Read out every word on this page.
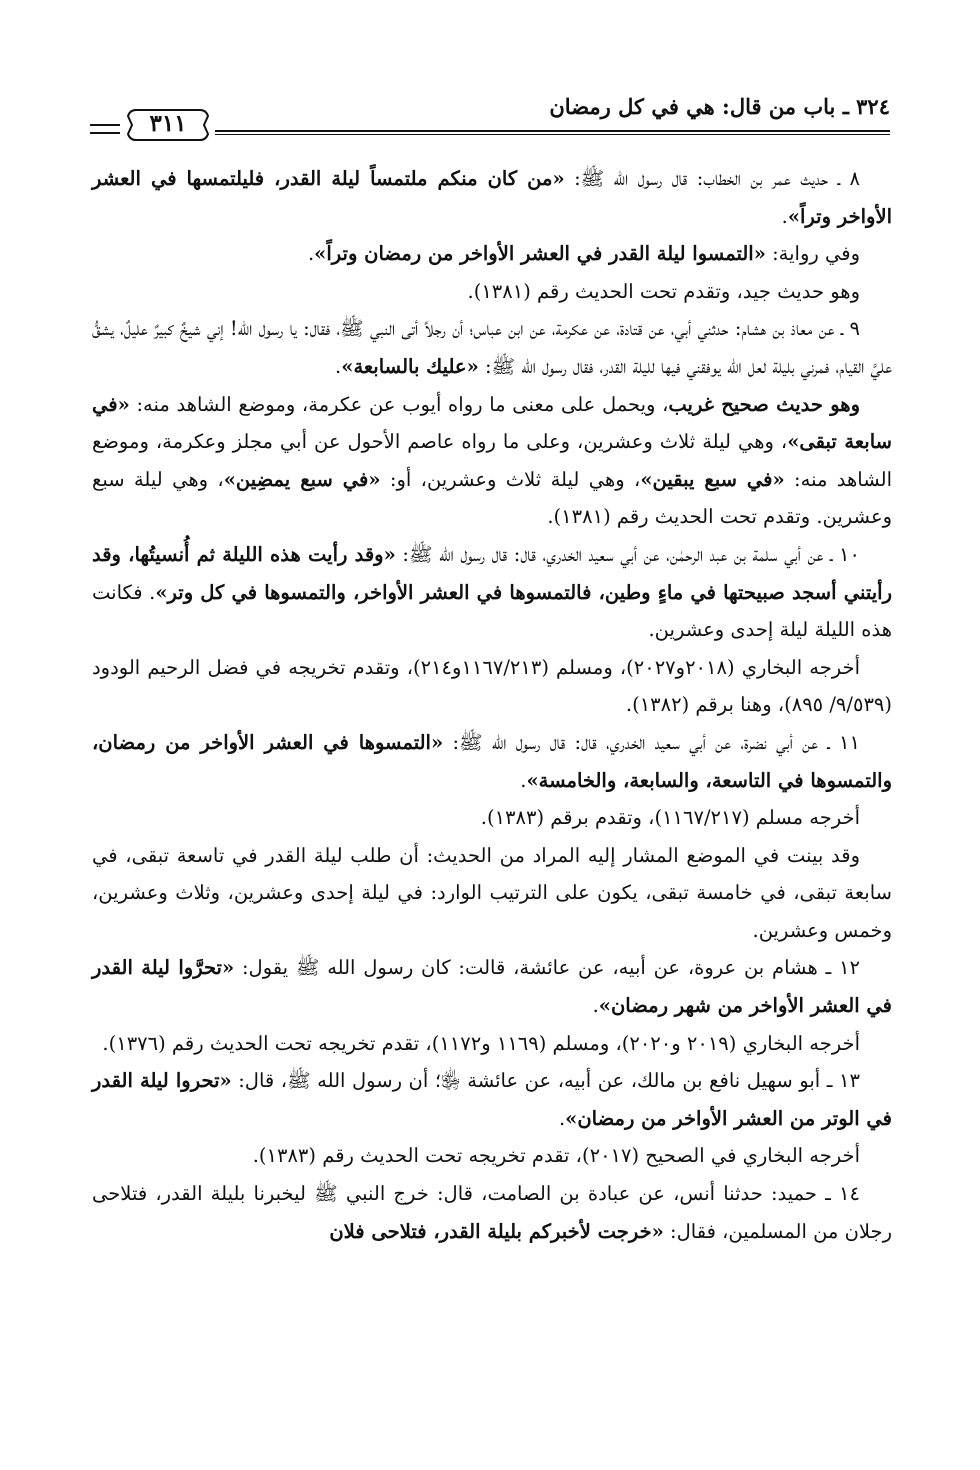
٣٢٤ ـ باب من قال: هي في كل رمضان
٣١١

٨ ـ حديث عمر بن الخطاب: قال رسول الله ﷺ: «من كان منكم ملتمساً ليلة القدر، فليلتمسها في العشر الأواخر وتراً».

وفي رواية: «التمسوا ليلة القدر في العشر الأواخر من رمضان وتراً».

وهو حديث جيد، وتقدم تحت الحديث رقم (١٣٨١).

٩ ـ عن معاذ بن هشام: حدثني أبي، عن قتادة، عن عكرمة، عن ابن عباس؛ أن رجلاً أتى النبي ﷺ، فقال: يا رسول الله! إني شيخٌ كبيرٌ عليلٌ، يشقُّ عليَّ القيام، فمرني بليلة لعل الله يوفقني فيها لليلة القدر، فقال رسول الله ﷺ: «عليك بالسابعة».

وهو حديث صحيح غريب، ويحمل على معنى ما رواه أيوب عن عكرمة، وموضع الشاهد منه: «في سابعة تبقى»، وهي ليلة ثلاث وعشرين، وعلى ما رواه عاصم الأحول عن أبي مجلز وعكرمة، وموضع الشاهد منه: «في سبع يبقين»، وهي ليلة ثلاث وعشرين، أو: «في سبع يمضِين»، وهي ليلة سبع وعشرين. وتقدم تحت الحديث رقم (١٣٨١).

١٠ ـ عن أبي سلمة بن عبد الرحمٰن، عن أبي سعيد الخدري، قال: قال رسول الله ﷺ: «وقد رأيت هذه الليلة ثم أُنسيتُها، وقد رأيتني أسجد صبيحتها في ماءٍ وطين، فالتمسوها في العشر الأواخر، والتمسوها في كل وتر». فكانت هذه الليلة ليلة إحدى وعشرين.

أخرجه البخاري (٢٠١٨و٢٠٢٧)، ومسلم (١١٦٧/٢١٣و٢١٤)، وتقدم تخريجه في فضل الرحيم الودود (٩/٥٣٩/ ٨٩٥)، وهنا برقم (١٣٨٢).

١١ ـ عن أبي نضرة، عن أبي سعيد الخدري، قال: قال رسول الله ﷺ: «التمسوها في العشر الأواخر من رمضان، والتمسوها في التاسعة، والسابعة، والخامسة».

أخرجه مسلم (١١٦٧/٢١٧)، وتقدم برقم (١٣٨٣).

وقد بينت في الموضع المشار إليه المراد من الحديث: أن طلب ليلة القدر في تاسعة تبقى، في سابعة تبقى، في خامسة تبقى، يكون على الترتيب الوارد: في ليلة إحدى وعشرين، وثلاث وعشرين، وخمس وعشرين.

١٢ ـ هشام بن عروة، عن أبيه، عن عائشة، قالت: كان رسول الله ﷺ يقول: «تحرَّوا ليلة القدر في العشر الأواخر من شهر رمضان».

أخرجه البخاري (٢٠١٩ و٢٠٢٠)، ومسلم (١١٦٩ و١١٧٢)، تقدم تخريجه تحت الحديث رقم (١٣٧٦).

١٣ ـ أبو سهيل نافع بن مالك، عن أبيه، عن عائشة ﵂؛ أن رسول الله ﷺ، قال: «تحروا ليلة القدر في الوتر من العشر الأواخر من رمضان».

أخرجه البخاري في الصحيح (٢٠١٧)، تقدم تخريجه تحت الحديث رقم (١٣٨٣).

١٤ ـ حميد: حدثنا أنس، عن عبادة بن الصامت، قال: خرج النبي ﷺ ليخبرنا بليلة القدر، فتلاحى رجلان من المسلمين، فقال: «خرجت لأخبركم بليلة القدر، فتلاحى فلان
